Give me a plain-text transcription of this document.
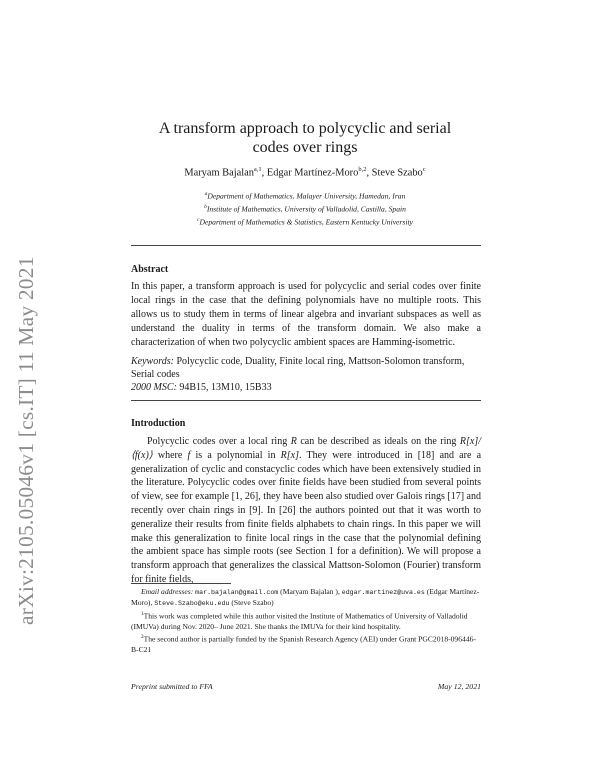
arXiv:2105.05046v1 [cs.IT] 11 May 2021
A transform approach to polycyclic and serial codes over rings
Maryam Bajalan$^{a,1}$, Edgar Martínez-Moro$^{b,2}$, Steve Szabo$^c$
$^a$Department of Mathematics, Malayer University, Hamedan, Iran
$^b$Institute of Mathematics, University of Valladolid, Castilla, Spain
$^c$Department of Mathematics & Statistics, Eastern Kentucky University
Abstract
In this paper, a transform approach is used for polycyclic and serial codes over finite local rings in the case that the defining polynomials have no multiple roots. This allows us to study them in terms of linear algebra and invariant subspaces as well as understand the duality in terms of the transform domain. We also make a characterization of when two polycyclic ambient spaces are Hamming-isometric.
Keywords: Polycyclic code, Duality, Finite local ring, Mattson-Solomon transform, Serial codes
2000 MSC: 94B15, 13M10, 15B33
Introduction
Polycyclic codes over a local ring R can be described as ideals on the ring R[x]/⟨f(x)⟩ where f is a polynomial in R[x]. They were introduced in [18] and are a generalization of cyclic and constacyclic codes which have been extensively studied in the literature. Polycyclic codes over finite fields have been studied from several points of view, see for example [1, 26], they have been also studied over Galois rings [17] and recently over chain rings in [9]. In [26] the authors pointed out that it was worth to generalize their results from finite fields alphabets to chain rings. In this paper we will make this generalization to finite local rings in the case that the polynomial defining the ambient space has simple roots (see Section 1 for a definition). We will propose a transform approach that generalizes the classical Mattson-Solomon (Fourier) transform for finite fields,

Email addresses: mar.bajalan@gmail.com (Maryam Bajalan ), edgar.martinez@uva.es (Edgar Martínez-Moro), Steve.Szabo@eku.edu (Steve Szabo)

$^1$This work was completed while this author visited the Institute of Mathematics of University of Valladolid (IMUVa) during Nov. 2020– June 2021. She thanks the IMUVa for their kind hospitality.

$^2$The second author is partially funded by the Spanish Research Agency (AEI) under Grant PGC2018-096446-B-C21

Preprint submitted to FFA	May 12, 2021
